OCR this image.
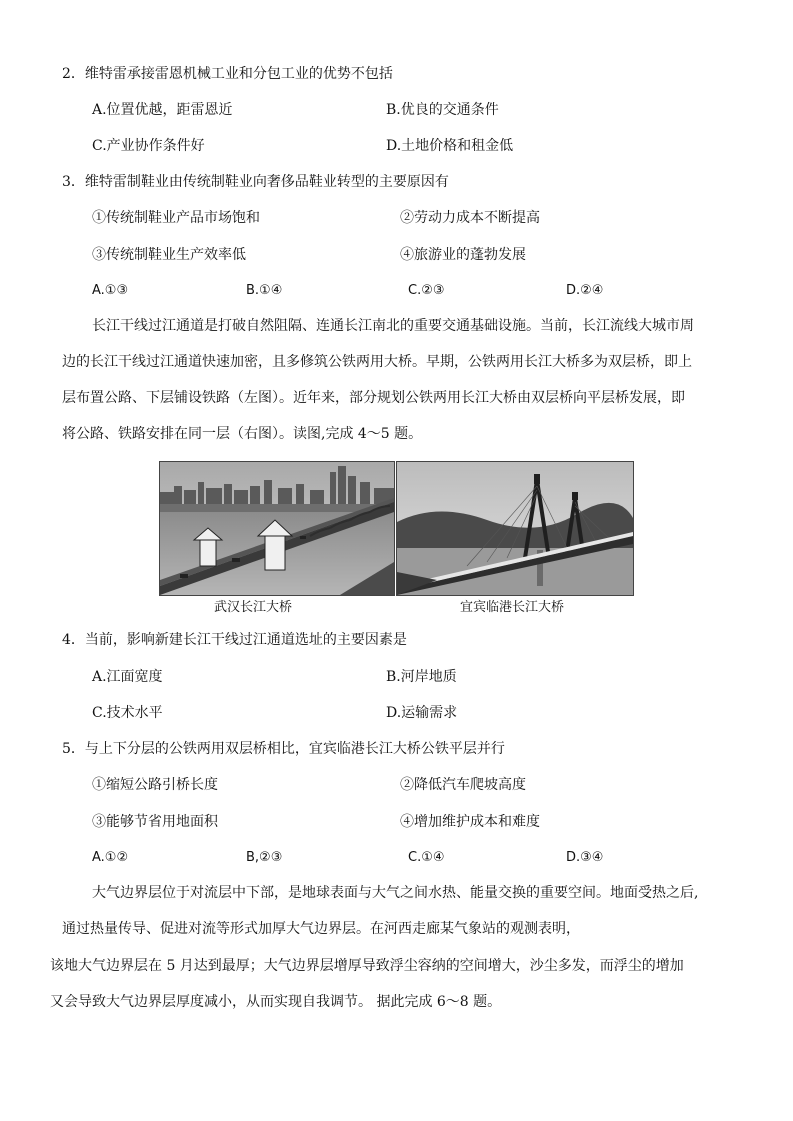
2．维特雷承接雷恩机械工业和分包工业的优势不包括
A.位置优越，距雷恩近	B.优良的交通条件
C.产业协作条件好	D.土地价格和租金低
3．维特雷制鞋业由传统制鞋业向奢侈品鞋业转型的主要原因有
①传统制鞋业产品市场饱和	②劳动力成本不断提高
③传统制鞋业生产效率低	④旅游业的蓬勃发展
A.①③	B.①④	C.②③	D.②④
长江干线过江通道是打破自然阻隔、连通长江南北的重要交通基础设施。当前，长江流线大城市周
边的长江干线过江通道快速加密，且多修筑公铁两用大桥。早期，公铁两用长江大桥多为双层桥，即上
层布置公路、下层铺设铁路（左图）。近年来，部分规划公铁两用长江大桥由双层桥向平层桥发展，即
将公路、铁路安排在同一层（右图）。读图,完成 4～5 题。
武汉长江大桥	宜宾临港长江大桥
4．当前，影响新建长江干线过江通道选址的主要因素是
A.江面宽度	B.河岸地质
C.技术水平	D.运输需求
5．与上下分层的公铁两用双层桥相比，宜宾临港长江大桥公铁平层并行
①缩短公路引桥长度	②降低汽车爬坡高度
③能够节省用地面积	④增加维护成本和难度
A.①②	B,②③	C.①④	D.③④
大气边界层位于对流层中下部，是地球表面与大气之间水热、能量交换的重要空间。地面受热之后,
通过热量传导、促进对流等形式加厚大气边界层。在河西走廊某气象站的观测表明，
该地大气边界层在 5 月达到最厚；大气边界层增厚导致浮尘容纳的空间增大，沙尘多发，而浮尘的增加
又会导致大气边界层厚度减小，从而实现自我调节。 据此完成 6～8 题。
